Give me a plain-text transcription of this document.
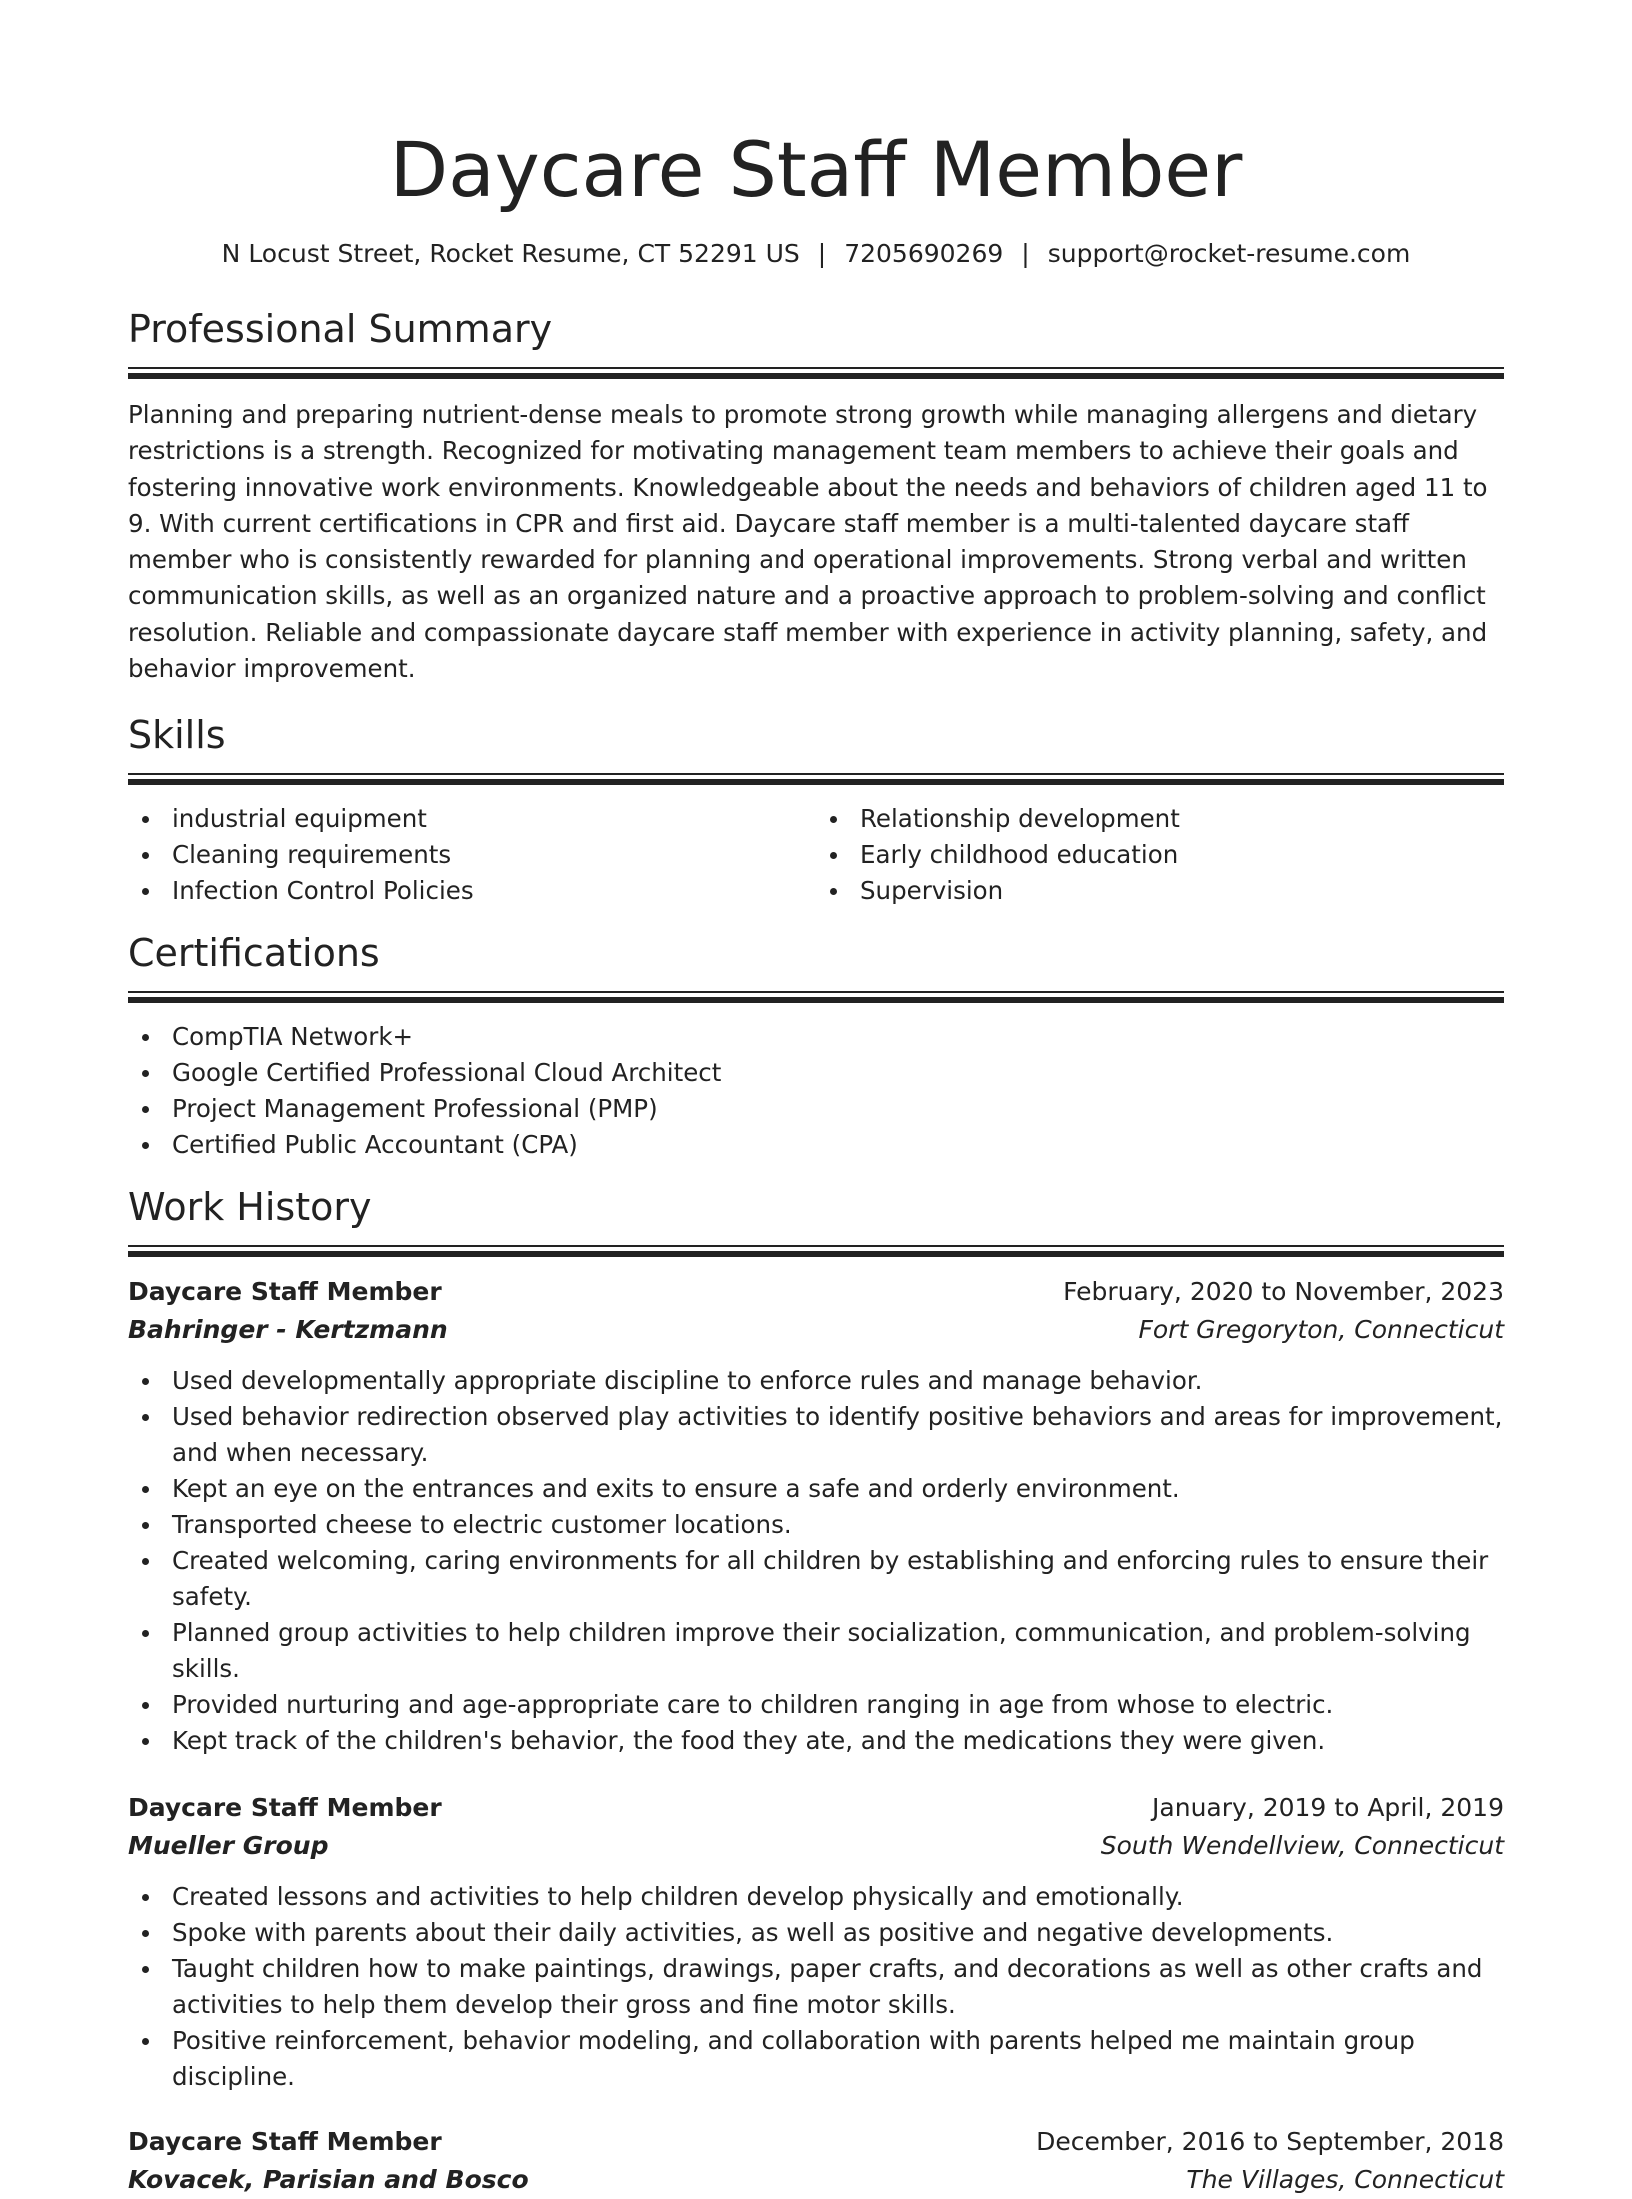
Daycare Staff Member
N Locust Street, Rocket Resume, CT 52291 US | 7205690269 | support@rocket-resume.com
Professional Summary
Planning and preparing nutrient-dense meals to promote strong growth while managing allergens and dietary restrictions is a strength. Recognized for motivating management team members to achieve their goals and fostering innovative work environments. Knowledgeable about the needs and behaviors of children aged 11 to 9. With current certifications in CPR and first aid. Daycare staff member is a multi-talented daycare staff member who is consistently rewarded for planning and operational improvements. Strong verbal and written communication skills, as well as an organized nature and a proactive approach to problem-solving and conflict resolution. Reliable and compassionate daycare staff member with experience in activity planning, safety, and behavior improvement.
Skills
industrial equipment
Cleaning requirements
Infection Control Policies
Relationship development
Early childhood education
Supervision
Certifications
CompTIA Network+
Google Certified Professional Cloud Architect
Project Management Professional (PMP)
Certified Public Accountant (CPA)
Work History
Daycare Staff Member	February, 2020 to November, 2023
Bahringer - Kertzmann	Fort Gregoryton, Connecticut
Used developmentally appropriate discipline to enforce rules and manage behavior.
Used behavior redirection observed play activities to identify positive behaviors and areas for improvement, and when necessary.
Kept an eye on the entrances and exits to ensure a safe and orderly environment.
Transported cheese to electric customer locations.
Created welcoming, caring environments for all children by establishing and enforcing rules to ensure their safety.
Planned group activities to help children improve their socialization, communication, and problem-solving skills.
Provided nurturing and age-appropriate care to children ranging in age from whose to electric.
Kept track of the children's behavior, the food they ate, and the medications they were given.
Daycare Staff Member	January, 2019 to April, 2019
Mueller Group	South Wendellview, Connecticut
Created lessons and activities to help children develop physically and emotionally.
Spoke with parents about their daily activities, as well as positive and negative developments.
Taught children how to make paintings, drawings, paper crafts, and decorations as well as other crafts and activities to help them develop their gross and fine motor skills.
Positive reinforcement, behavior modeling, and collaboration with parents helped me maintain group discipline.
Daycare Staff Member	December, 2016 to September, 2018
Kovacek, Parisian and Bosco	The Villages, Connecticut
